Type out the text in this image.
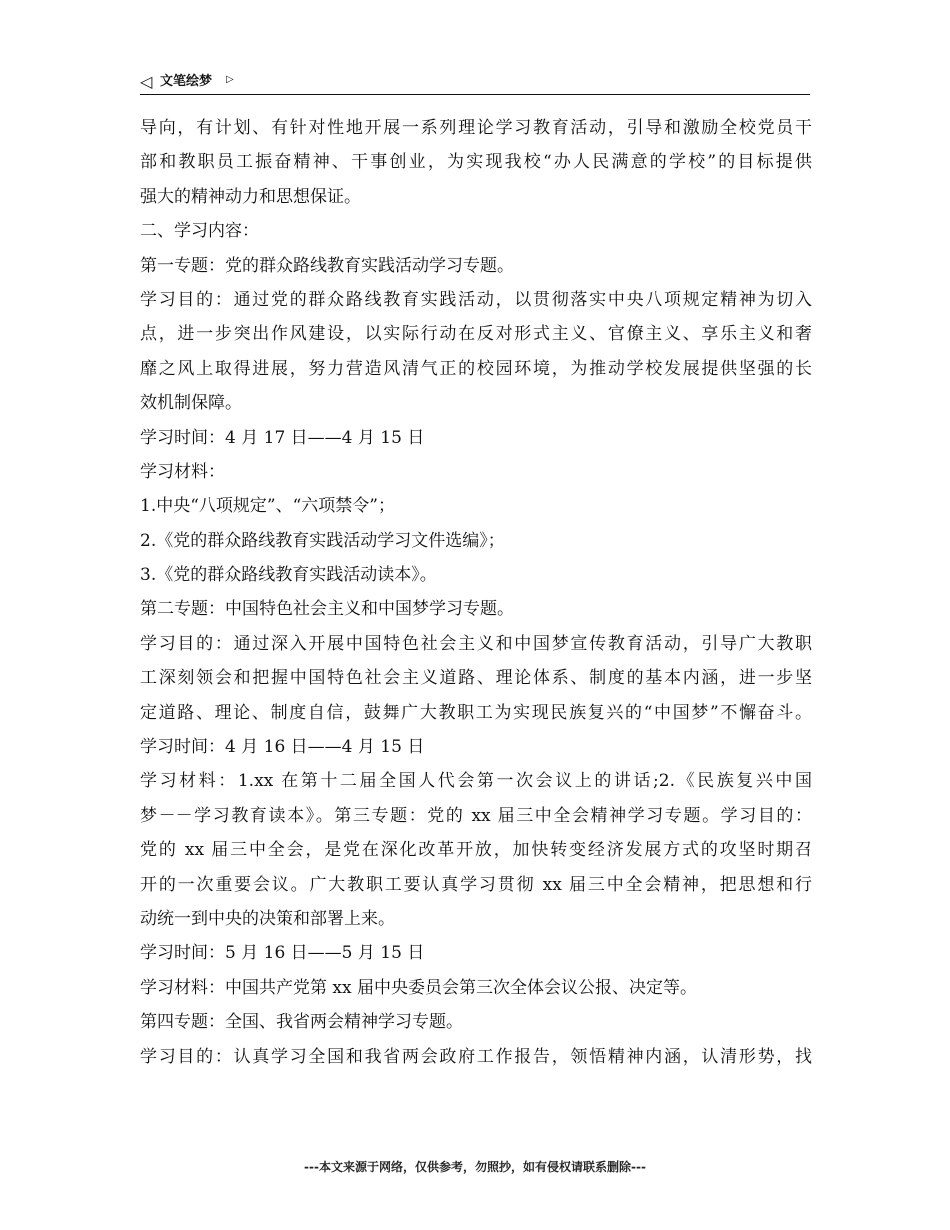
◁ 文笔绘梦 ▷
导向，有计划、有针对性地开展一系列理论学习教育活动，引导和激励全校党员干
部和教职员工振奋精神、干事创业，为实现我校“办人民满意的学校”的目标提供
强大的精神动力和思想保证。
二、学习内容：
第一专题：党的群众路线教育实践活动学习专题。
学习目的：通过党的群众路线教育实践活动，以贯彻落实中央八项规定精神为切入
点，进一步突出作风建设，以实际行动在反对形式主义、官僚主义、享乐主义和奢
靡之风上取得进展，努力营造风清气正的校园环境，为推动学校发展提供坚强的长
效机制保障。
学习时间：4 月 17 日——4 月 15 日
学习材料：
1.中央“八项规定”、“六项禁令”；
2.《党的群众路线教育实践活动学习文件选编》；
3.《党的群众路线教育实践活动读本》。
第二专题：中国特色社会主义和中国梦学习专题。
学习目的：通过深入开展中国特色社会主义和中国梦宣传教育活动，引导广大教职
工深刻领会和把握中国特色社会主义道路、理论体系、制度的基本内涵，进一步坚
定道路、理论、制度自信，鼓舞广大教职工为实现民族复兴的“中国梦”不懈奋斗。
学习时间：4 月 16 日——4 月 15 日
学习材料：1.xx 在第十二届全国人代会第一次会议上的讲话;2.《民族复兴中国
梦－－学习教育读本》。第三专题：党的 xx 届三中全会精神学习专题。学习目的：
党的 xx 届三中全会，是党在深化改革开放，加快转变经济发展方式的攻坚时期召
开的一次重要会议。广大教职工要认真学习贯彻 xx 届三中全会精神，把思想和行
动统一到中央的决策和部署上来。
学习时间：5 月 16 日——5 月 15 日
学习材料：中国共产党第 xx 届中央委员会第三次全体会议公报、决定等。
第四专题：全国、我省两会精神学习专题。
学习目的：认真学习全国和我省两会政府工作报告，领悟精神内涵，认清形势，找
---本文来源于网络，仅供参考，勿照抄，如有侵权请联系删除---
